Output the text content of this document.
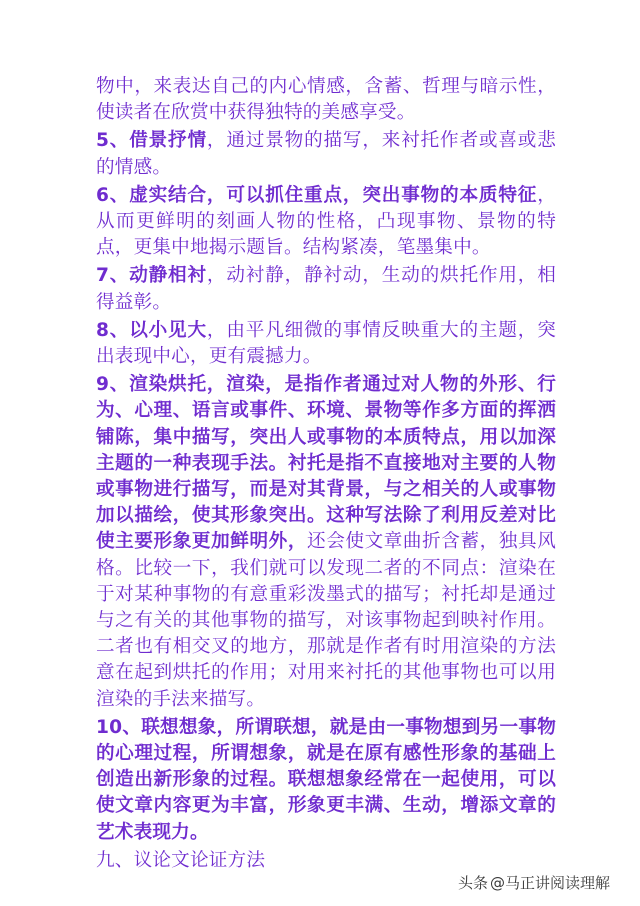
物中，来表达自己的内心情感，含蓄、哲理与暗示性，使读者在欣赏中获得独特的美感享受。

5、借景抒情，通过景物的描写，来衬托作者或喜或悲的情感。

6、虚实结合，可以抓住重点，突出事物的本质特征，从而更鲜明的刻画人物的性格，凸现事物、景物的特点，更集中地揭示题旨。结构紧凑，笔墨集中。

7、动静相衬，动衬静，静衬动，生动的烘托作用，相得益彰。

8、以小见大，由平凡细微的事情反映重大的主题，突出表现中心，更有震撼力。

9、渲染烘托，渲染，是指作者通过对人物的外形、行为、心理、语言或事件、环境、景物等作多方面的挥洒铺陈，集中描写，突出人或事物的本质特点，用以加深主题的一种表现手法。衬托是指不直接地对主要的人物或事物进行描写，而是对其背景，与之相关的人或事物加以描绘，使其形象突出。这种写法除了利用反差对比使主要形象更加鲜明外，还会使文章曲折含蓄，独具风格。比较一下，我们就可以发现二者的不同点：渲染在于对某种事物的有意重彩泼墨式的描写；衬托却是通过与之有关的其他事物的描写，对该事物起到映衬作用。二者也有相交叉的地方，那就是作者有时用渲染的方法意在起到烘托的作用；对用来衬托的其他事物也可以用渲染的手法来描写。

10、联想想象，所谓联想，就是由一事物想到另一事物的心理过程，所谓想象，就是在原有感性形象的基础上创造出新形象的过程。联想想象经常在一起使用，可以使文章内容更为丰富，形象更丰满、生动，增添文章的艺术表现力。

九、议论文论证方法

头条 @马正讲阅读理解
